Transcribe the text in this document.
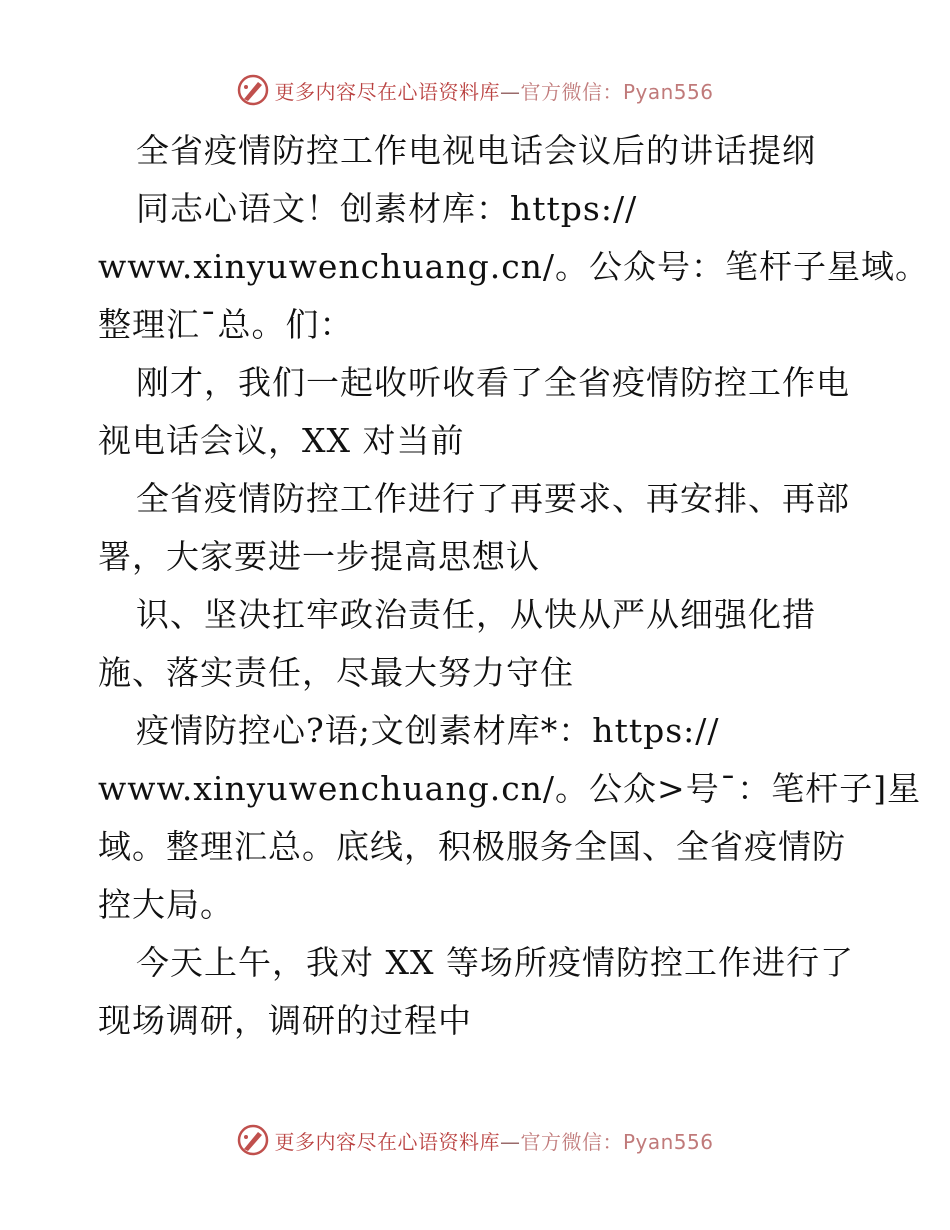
更多内容尽在心语资料库—官方微信：Pyan556
全省疫情防控工作电视电话会议后的讲话提纲
同志心语文！创素材库：https://
www.xinyuwenchuang.cn/。公众号：笔杆子星域。
整理汇¯总。们：
刚才，我们一起收听收看了全省疫情防控工作电
视电话会议，XX 对当前
全省疫情防控工作进行了再要求、再安排、再部
署，大家要进一步提高思想认
识、坚决扛牢政治责任，从快从严从细强化措
施、落实责任，尽最大努力守住
疫情防控心?语;文创素材库*：https://
www.xinyuwenchuang.cn/。公众>号¯：笔杆子]星
域。整理汇总。底线，积极服务全国、全省疫情防
控大局。
今天上午，我对 XX 等场所疫情防控工作进行了
现场调研，调研的过程中
更多内容尽在心语资料库—官方微信：Pyan556
